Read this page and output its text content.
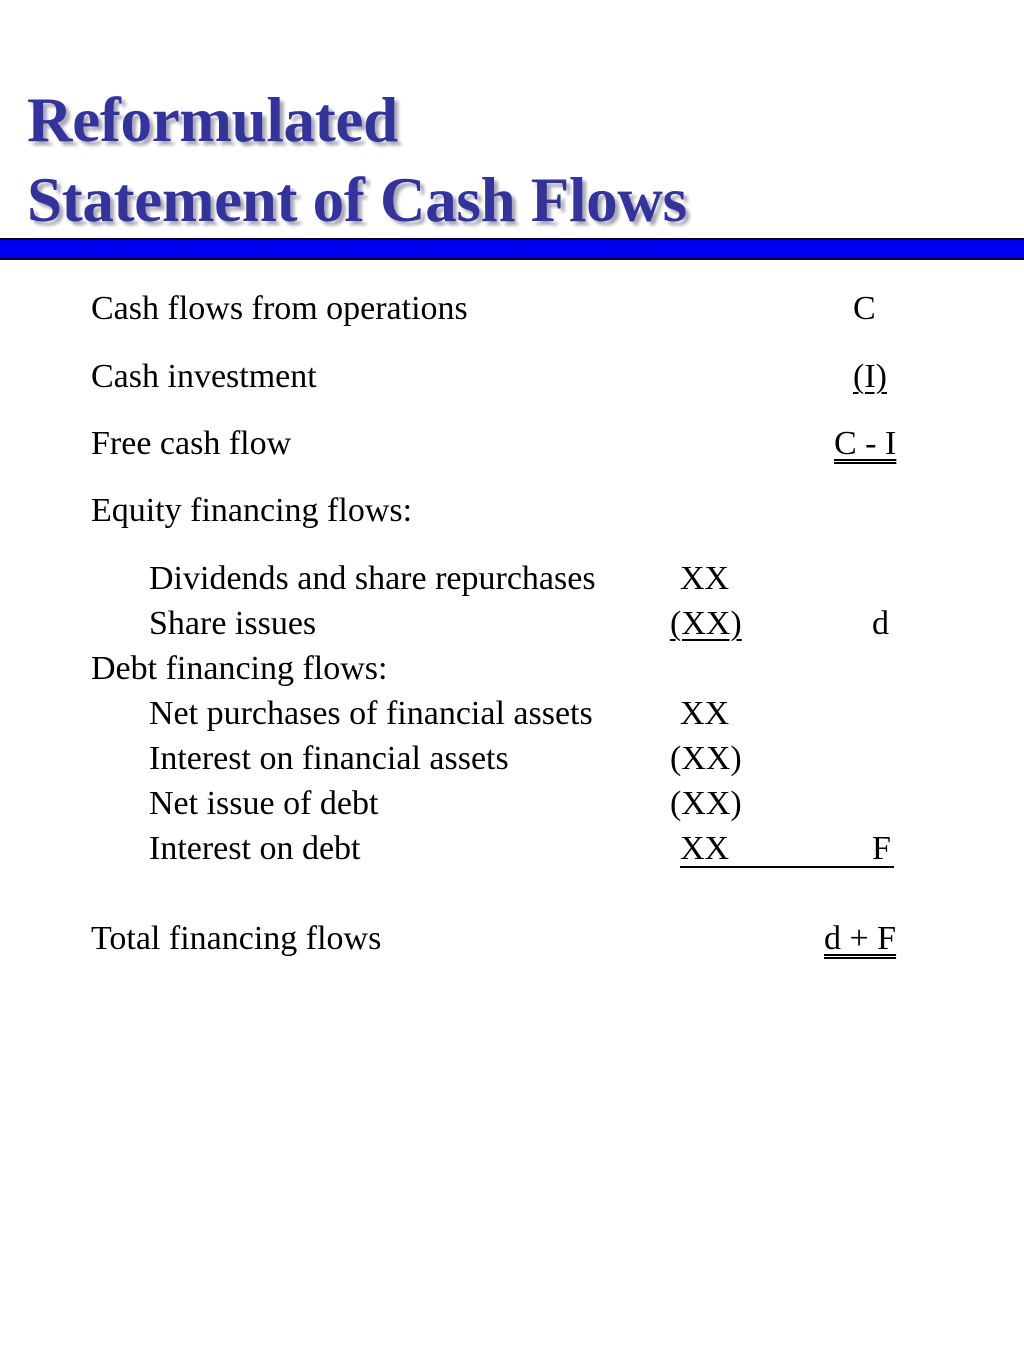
Reformulated
Statement of Cash Flows

Cash flows from operations	C

Cash investment	(I)

Free cash flow	C - I

Equity financing flows:

Dividends and share repurchases XX

Share issues	(XX)	d

Debt financing flows:

Net purchases of financial assets	XX

Interest on financial assets	(XX)

Net issue of debt	(XX)

Interest on debt	XX	F

Total financing flows	d + F
